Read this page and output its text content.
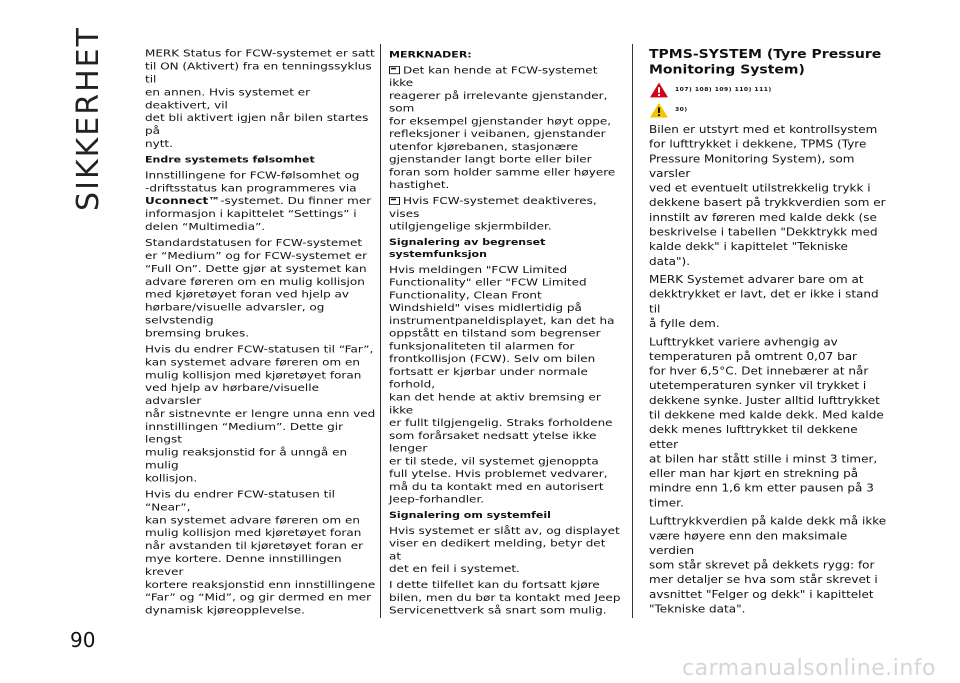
SIKKERHET	MERK Status for FCW-systemet er satt
til ON (Aktivert) fra en tenningssyklus til
en annen. Hvis systemet er deaktivert, vil
det bli aktivert igjen når bilen startes på
nytt.

Endre systemets følsomhet

Innstillingene for FCW-følsomhet og
-driftsstatus kan programmeres via
Uconnect™-systemet. Du finner mer
informasjon i kapittelet “Settings” i
delen “Multimedia”.

Standardstatusen for FCW-systemet
er “Medium” og for FCW-systemet er
“Full On”. Dette gjør at systemet kan
advare føreren om en mulig kollisjon
med kjøretøyet foran ved hjelp av
hørbare/visuelle advarsler, og selvstendig
bremsing brukes.

Hvis du endrer FCW-statusen til “Far”,
kan systemet advare føreren om en
mulig kollisjon med kjøretøyet foran
ved hjelp av hørbare/visuelle advarsler
når sistnevnte er lengre unna enn ved
innstillingen “Medium”. Dette gir lengst
mulig reaksjonstid for å unngå en mulig
kollisjon.

Hvis du endrer FCW-statusen til “Near”,
kan systemet advare føreren om en
mulig kollisjon med kjøretøyet foran
når avstanden til kjøretøyet foran er
mye kortere. Denne innstillingen krever
kortere reaksjonstid enn innstillingene
“Far” og “Mid”, og gir dermed en mer
dynamisk kjøreopplevelse.

MERKNADER:

Det kan hende at FCW-systemet ikke
reagerer på irrelevante gjenstander, som
for eksempel gjenstander høyt oppe,
refleksjoner i veibanen, gjenstander
utenfor kjørebanen, stasjonære
gjenstander langt borte eller biler
foran som holder samme eller høyere
hastighet.

Hvis FCW-systemet deaktiveres, vises
utilgjengelige skjermbilder.

Signalering av begrenset systemfunksjon

Hvis meldingen "FCW Limited
Functionality" eller "FCW Limited
Functionality, Clean Front
Windshield" vises midlertidig på
instrumentpaneldisplayet, kan det ha
oppstått en tilstand som begrenser
funksjonaliteten til alarmen for
frontkollisjon (FCW). Selv om bilen
fortsatt er kjørbar under normale forhold,
kan det hende at aktiv bremsing er ikke
er fullt tilgjengelig. Straks forholdene
som forårsaket nedsatt ytelse ikke lenger
er til stede, vil systemet gjenoppta
full ytelse. Hvis problemet vedvarer,
må du ta kontakt med en autorisert
Jeep-forhandler.

Signalering om systemfeil

Hvis systemet er slått av, og displayet
viser en dedikert melding, betyr det at
det en feil i systemet.

I dette tilfellet kan du fortsatt kjøre
bilen, men du bør ta kontakt med Jeep
Servicenettverk så snart som mulig.

TPMS-SYSTEM (Tyre Pressure
Monitoring System)

107) 108) 109) 110) 111)
30)

Bilen er utstyrt med et kontrollsystem
for lufttrykket i dekkene, TPMS (Tyre
Pressure Monitoring System), som varsler
ved et eventuelt utilstrekkelig trykk i
dekkene basert på trykkverdien som er
innstilt av føreren med kalde dekk (se
beskrivelse i tabellen "Dekktrykk med
kalde dekk" i kapittelet "Tekniske data").

MERK Systemet advarer bare om at
dekktrykket er lavt, det er ikke i stand til
å fylle dem.

Lufttrykket variere avhengig av
temperaturen på omtrent 0,07 bar
for hver 6,5°C. Det innebærer at når
utetemperaturen synker vil trykket i
dekkene synke. Juster alltid lufttrykket
til dekkene med kalde dekk. Med kalde
dekk menes lufttrykket til dekkene etter
at bilen har stått stille i minst 3 timer,
eller man har kjørt en strekning på
mindre enn 1,6 km etter pausen på 3
timer.

Lufttrykkverdien på kalde dekk må ikke
være høyere enn den maksimale verdien
som står skrevet på dekkets rygg: for
mer detaljer se hva som står skrevet i
avsnittet "Felger og dekk" i kapittelet
"Tekniske data".

90
carmanualsonline.info
